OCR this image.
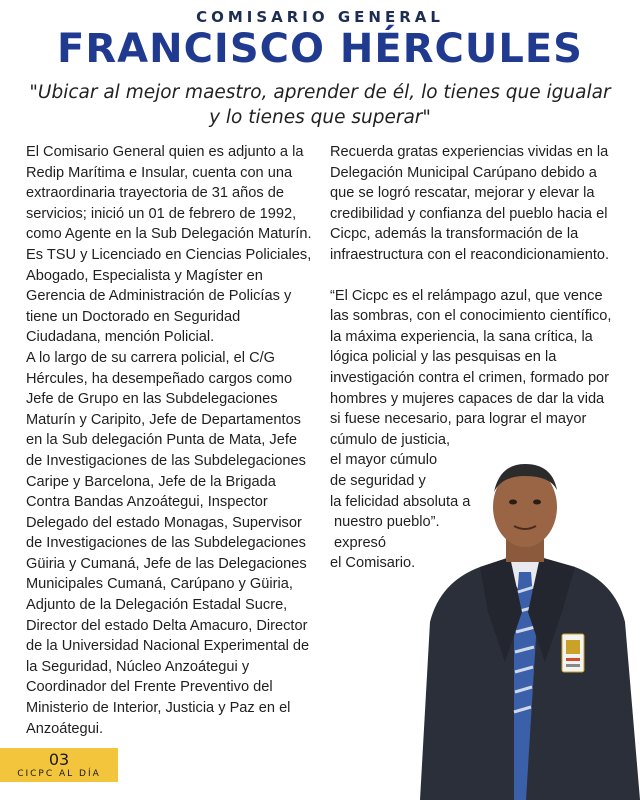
COMISARIO GENERAL
FRANCISCO HÉRCULES
"Ubicar al mejor maestro, aprender de él, lo tienes que igualar
y lo tienes que superar"

El Comisario General quien es adjunto a la

Redip Marítima e Insular, cuenta con una

extraordinaria trayectoria de 31 años de

servicios; inició un 01 de febrero de 1992,

como Agente en la Sub Delegación Maturín.

Es TSU y Licenciado en Ciencias Policiales,

Abogado, Especialista y Magíster en

Gerencia de Administración de Policías y

tiene un Doctorado en Seguridad

Ciudadana, mención Policial.

A lo largo de su carrera policial, el C/G

Hércules, ha desempeñado cargos como

Jefe de Grupo en las Subdelegaciones

Maturín y Caripito, Jefe de Departamentos

en la Sub delegación Punta de Mata, Jefe

de Investigaciones de las Subdelegaciones

Caripe y Barcelona, Jefe de la Brigada

Contra Bandas Anzoátegui, Inspector

Delegado del estado Monagas, Supervisor

de Investigaciones de las Subdelegaciones

Güiria y Cumaná, Jefe de las Delegaciones

Municipales Cumaná, Carúpano y Güiria,

Adjunto de la Delegación Estadal Sucre,

Director del estado Delta Amacuro, Director

de la Universidad Nacional Experimental de

la Seguridad, Núcleo Anzoátegui y

Coordinador del Frente Preventivo del

Ministerio de Interior, Justicia y Paz en el

Anzoátegui.

Recuerda gratas experiencias vividas en la

Delegación Municipal Carúpano debido a

que se logró rescatar, mejorar y elevar la

credibilidad y confianza del pueblo hacia el

Cicpc, además la transformación de la

infraestructura con el reacondicionamiento.

“El Cicpc es el relámpago azul, que vence

las sombras, con el conocimiento científico,

la máxima experiencia, la sana crítica, la

lógica policial y las pesquisas en la

investigación contra el crimen, formado por

hombres y mujeres capaces de dar la vida

si fuese necesario, para lograr el mayor

cúmulo de justicia,

el mayor cúmulo

de seguridad y

la felicidad absoluta a

nuestro pueblo”.

expresó

el Comisario.

03
CICPC AL DÍA
